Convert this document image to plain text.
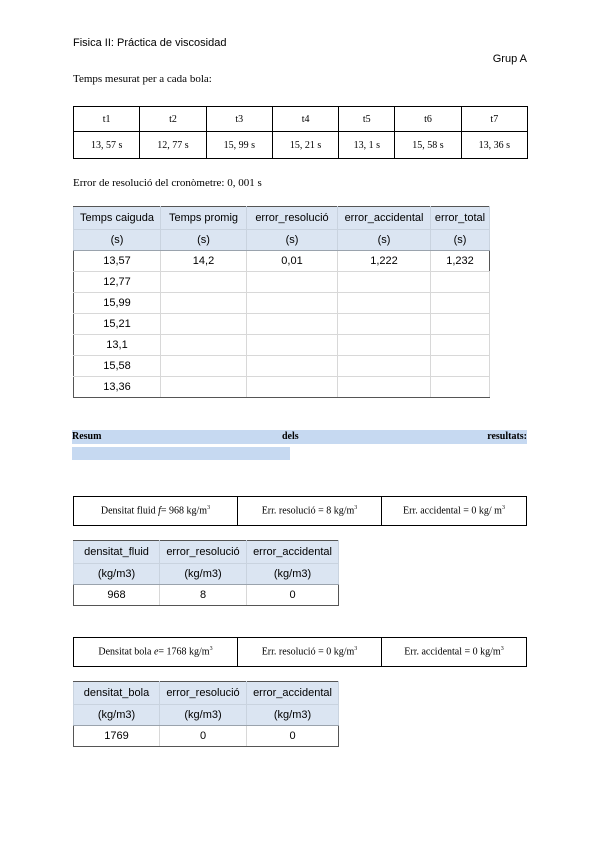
Fisica II: Práctica de viscosidad
Grup A
Temps mesurat per a cada bola:
t1	t2	t3	t4	t5	t6	t7
13, 57 s	12, 77 s	15, 99 s	15, 21 s	13, 1 s	15, 58 s	13, 36 s
Error de resolució del cronòmetre: 0, 001 s
Temps caiguda	Temps promig	error_resolució	error_accidental	error_total
(s)	(s)	(s)	(s)	(s)
13,57	14,2	0,01	1,222	1,232
12,77				
15,99				
15,21				
13,1				
15,58				
13,36				
Resum	dels	resultats:
Densitat fluid f= 968 $kg/m^3$	Err. resolució = 8 $kg/m^3$	Err. accidental = 0 kg/ $m^3$
densitat_fluid	error_resolució	error_accidental
(kg/m3)	(kg/m3)	(kg/m3)
968	8	0
Densitat bola e= 1768 $kg/m^3$	Err. resolució = 0 $kg/m^3$	Err. accidental = 0 $kg/m^3$
densitat_bola	error_resolució	error_accidental
(kg/m3)	(kg/m3)	(kg/m3)
1769	0	0
